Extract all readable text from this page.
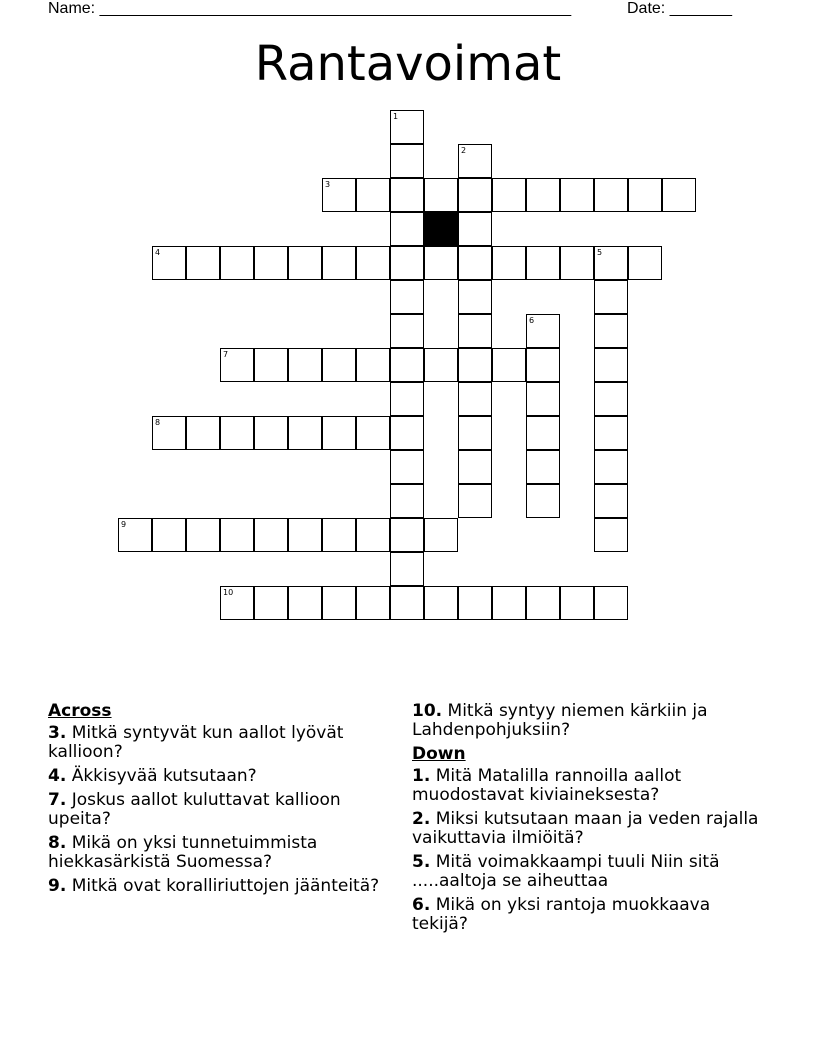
Name: _____________________________________________________	Date: _______
Rantavoimat
1
2
3
4	5
6
7
8
9
10
Across
3. Mitkä syntyvät kun aallot lyövät kallioon?
4. Äkkisyvää kutsutaan?
7. Joskus aallot kuluttavat kallioon upeita?
8. Mikä on yksi tunnetuimmista hiekkasärkistä Suomessa?
9. Mitkä ovat koralliriuttojen jäänteitä?
10. Mitkä syntyy niemen kärkiin ja Lahdenpohjuksiin?
Down
1. Mitä Matalilla rannoilla aallot muodostavat kiviaineksesta?
2. Miksi kutsutaan maan ja veden rajalla vaikuttavia ilmiöitä?
5. Mitä voimakkaampi tuuli Niin sitä .....aaltoja se aiheuttaa
6. Mikä on yksi rantoja muokkaava tekijä?
